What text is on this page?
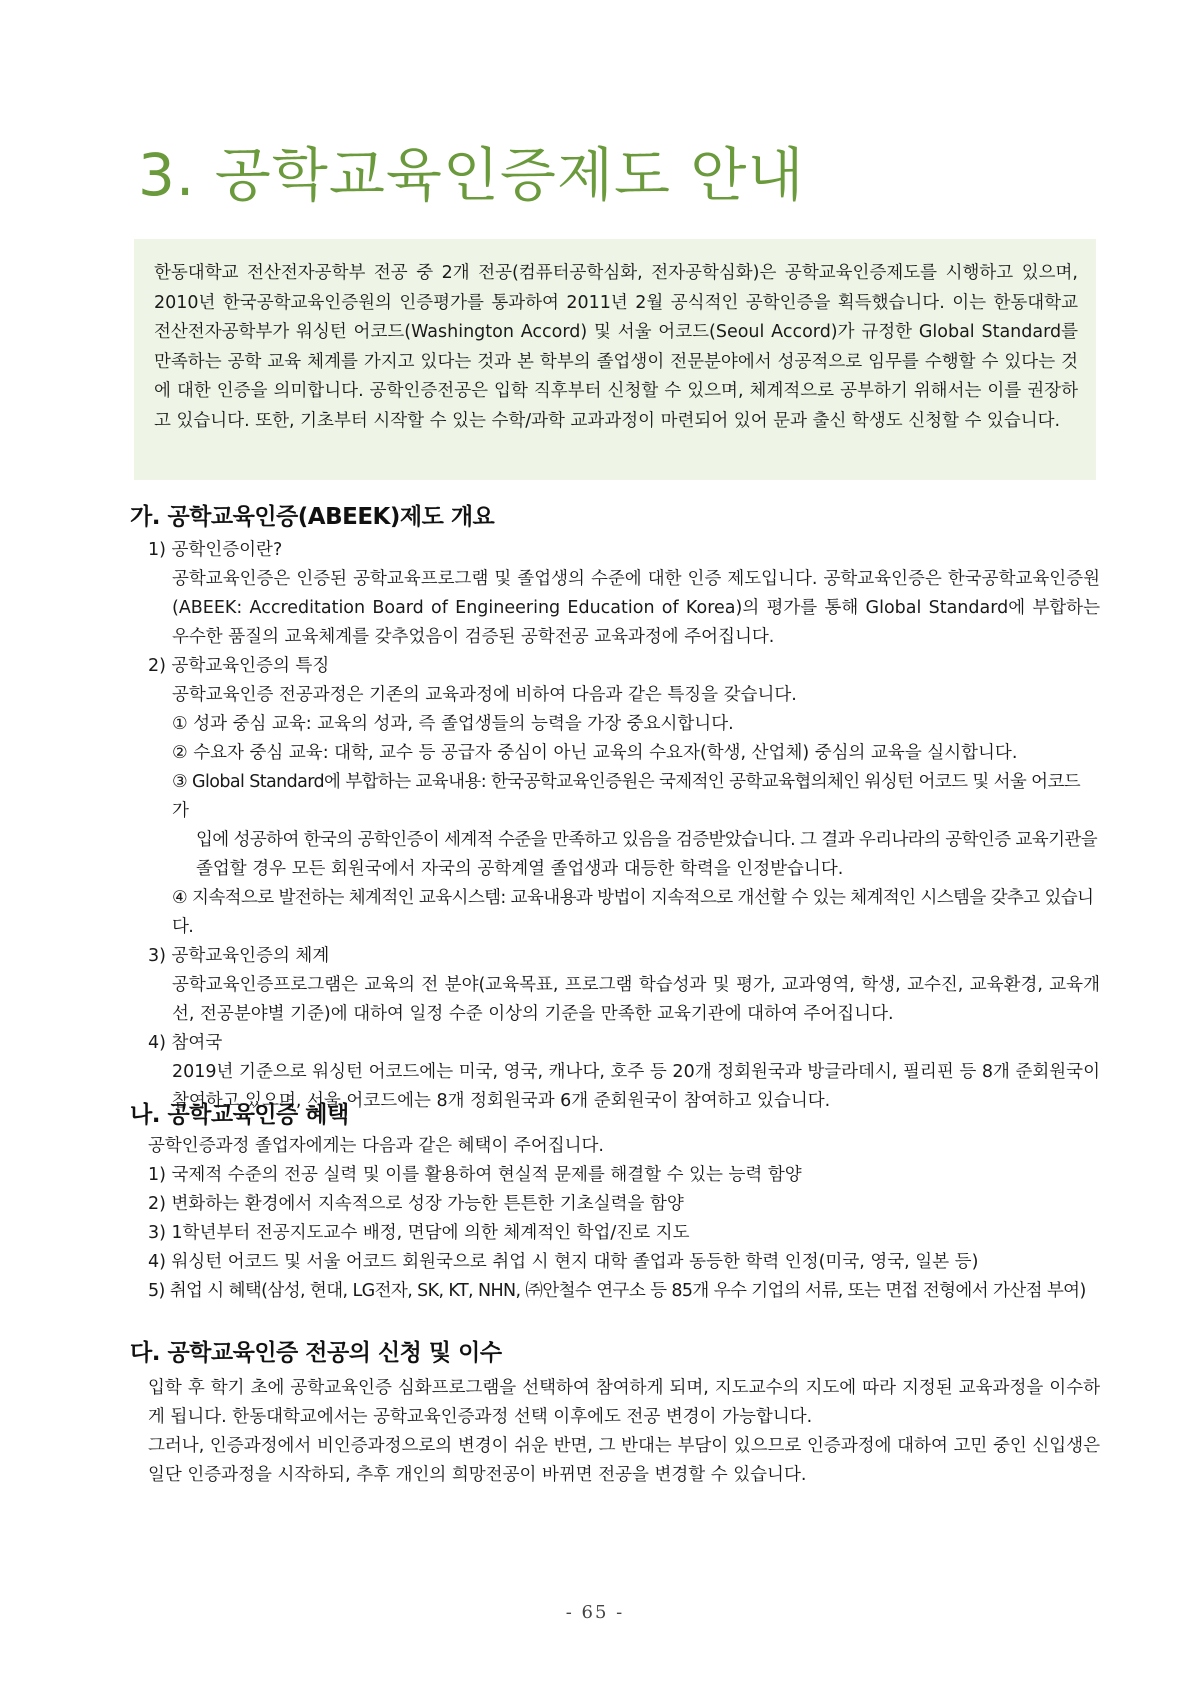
3. 공학교육인증제도 안내

한동대학교 전산전자공학부 전공 중 2개 전공(컴퓨터공학심화, 전자공학심화)은 공학교육인증제도를 시행하고 있으며, 2010년 한국공학교육인증원의 인증평가를 통과하여 2011년 2월 공식적인 공학인증을 획득했습니다. 이는 한동대학교 전산전자공학부가 워싱턴 어코드(Washington Accord) 및 서울 어코드(Seoul Accord)가 규정한 Global Standard를 만족하는 공학 교육 체계를 가지고 있다는 것과 본 학부의 졸업생이 전문분야에서 성공적으로 임무를 수행할 수 있다는 것에 대한 인증을 의미합니다. 공학인증전공은 입학 직후부터 신청할 수 있으며, 체계적으로 공부하기 위해서는 이를 권장하고 있습니다. 또한, 기초부터 시작할 수 있는 수학/과학 교과과정이 마련되어 있어 문과 출신 학생도 신청할 수 있습니다.

가. 공학교육인증(ABEEK)제도 개요

1) 공학인증이란?

공학교육인증은 인증된 공학교육프로그램 및 졸업생의 수준에 대한 인증 제도입니다. 공학교육인증은 한국공학교육인증원(ABEEK: Accreditation Board of Engineering Education of Korea)의 평가를 통해 Global Standard에 부합하는 우수한 품질의 교육체계를 갖추었음이 검증된 공학전공 교육과정에 주어집니다.

2) 공학교육인증의 특징

공학교육인증 전공과정은 기존의 교육과정에 비하여 다음과 같은 특징을 갖습니다.

① 성과 중심 교육: 교육의 성과, 즉 졸업생들의 능력을 가장 중요시합니다.

② 수요자 중심 교육: 대학, 교수 등 공급자 중심이 아닌 교육의 수요자(학생, 산업체) 중심의 교육을 실시합니다.

③ Global Standard에 부합하는 교육내용: 한국공학교육인증원은 국제적인 공학교육협의체인 워싱턴 어코드 및 서울 어코드 가

입에 성공하여 한국의 공학인증이 세계적 수준을 만족하고 있음을 검증받았습니다. 그 결과 우리나라의 공학인증 교육기관을

졸업할 경우 모든 회원국에서 자국의 공학계열 졸업생과 대등한 학력을 인정받습니다.

④ 지속적으로 발전하는 체계적인 교육시스템: 교육내용과 방법이 지속적으로 개선할 수 있는 체계적인 시스템을 갖추고 있습니다.

3) 공학교육인증의 체계

공학교육인증프로그램은 교육의 전 분야(교육목표, 프로그램 학습성과 및 평가, 교과영역, 학생, 교수진, 교육환경, 교육개선, 전공분야별 기준)에 대하여 일정 수준 이상의 기준을 만족한 교육기관에 대하여 주어집니다.

4) 참여국

2019년 기준으로 워싱턴 어코드에는 미국, 영국, 캐나다, 호주 등 20개 정회원국과 방글라데시, 필리핀 등 8개 준회원국이 참여하고 있으며, 서울 어코드에는 8개 정회원국과 6개 준회원국이 참여하고 있습니다.

나. 공학교육인증 혜택

공학인증과정 졸업자에게는 다음과 같은 혜택이 주어집니다.

1) 국제적 수준의 전공 실력 및 이를 활용하여 현실적 문제를 해결할 수 있는 능력 함양

2) 변화하는 환경에서 지속적으로 성장 가능한 튼튼한 기초실력을 함양

3) 1학년부터 전공지도교수 배정, 면담에 의한 체계적인 학업/진로 지도

4) 워싱턴 어코드 및 서울 어코드 회원국으로 취업 시 현지 대학 졸업과 동등한 학력 인정(미국, 영국, 일본 등)

5) 취업 시 혜택(삼성, 현대, LG전자, SK, KT, NHN, ㈜안철수 연구소 등 85개 우수 기업의 서류, 또는 면접 전형에서 가산점 부여)

다. 공학교육인증 전공의 신청 및 이수

입학 후 학기 초에 공학교육인증 심화프로그램을 선택하여 참여하게 되며, 지도교수의 지도에 따라 지정된 교육과정을 이수하게 됩니다. 한동대학교에서는 공학교육인증과정 선택 이후에도 전공 변경이 가능합니다.

그러나, 인증과정에서 비인증과정으로의 변경이 쉬운 반면, 그 반대는 부담이 있으므로 인증과정에 대하여 고민 중인 신입생은 일단 인증과정을 시작하되, 추후 개인의 희망전공이 바뀌면 전공을 변경할 수 있습니다.

- 65 -
